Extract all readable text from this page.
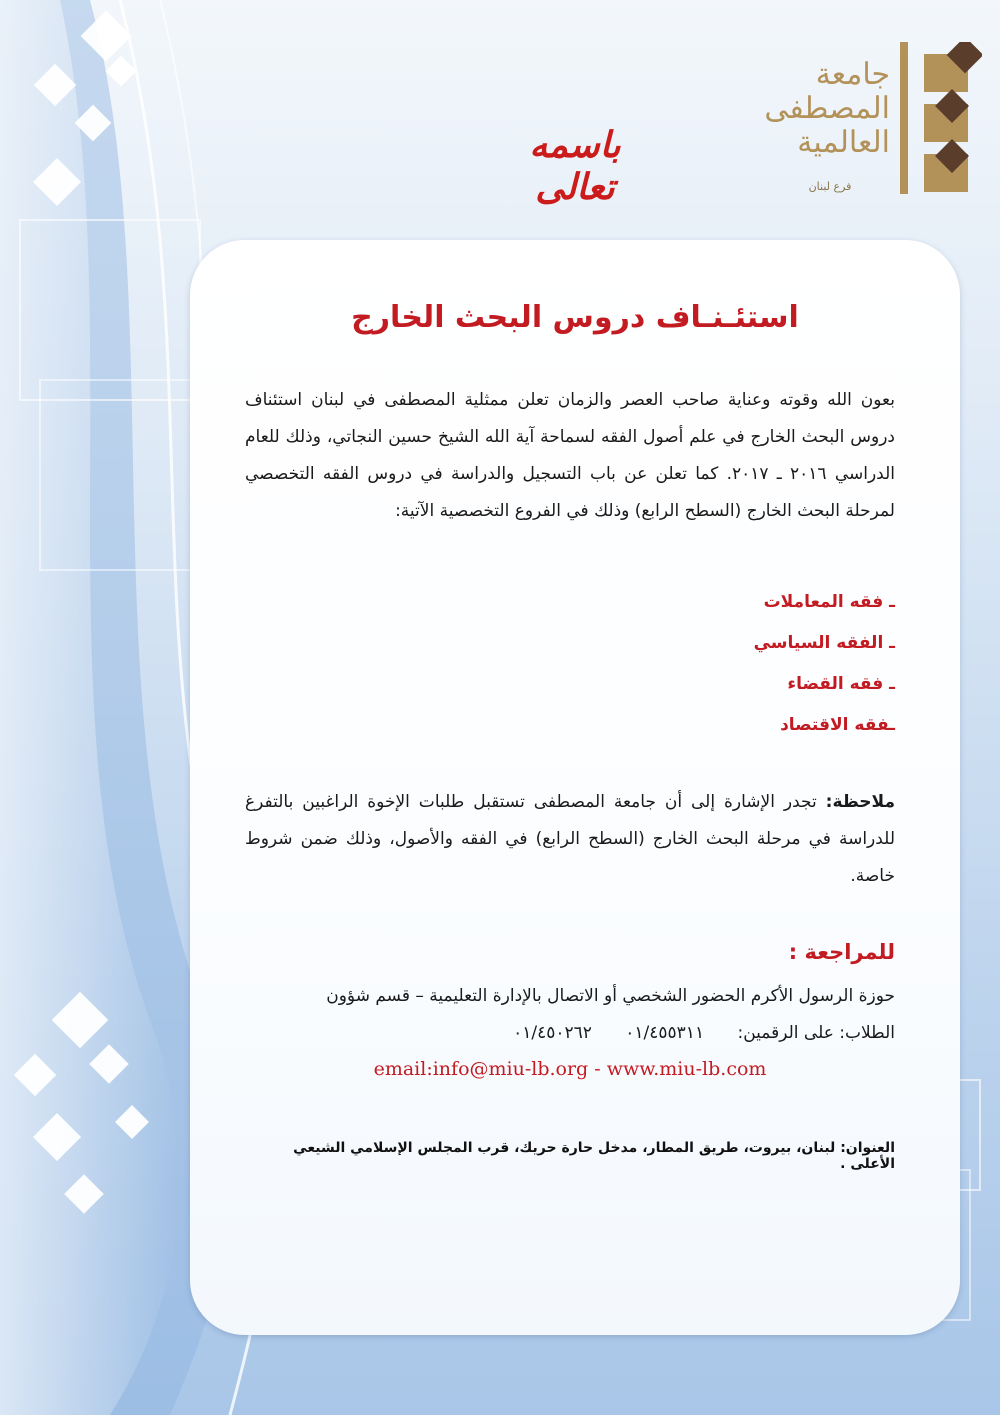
جامعة
المصطفى
العالمية
فرع لبنان
باسمه تعالى
استئـنـاف دروس البحث الخارج
بعون الله وقوته وعناية صاحب العصر والزمان تعلن ممثلية المصطفى في لبنان استئناف دروس البحث الخارج في علم أصول الفقه لسماحة آية الله الشيخ حسين النجاتي، وذلك للعام الدراسي ٢٠١٦ ـ ٢٠١٧. كما تعلن عن باب التسجيل والدراسة في دروس الفقه التخصصي لمرحلة البحث الخارج (السطح الرابع) وذلك في الفروع التخصصية الآتية:
ـ فقه المعاملات
ـ الفقه السياسي
ـ فقه القضاء
ـفقه الاقتصاد
ملاحظة: تجدر الإشارة إلى أن جامعة المصطفى تستقبل طلبات الإخوة الراغبين بالتفرغ للدراسة في مرحلة البحث الخارج (السطح الرابع) في الفقه والأصول، وذلك ضمن شروط خاصة.
للمراجعة :
حوزة الرسول الأكرم الحضور الشخصي أو الاتصال بالإدارة التعليمية – قسم شؤون
الطلاب: على الرقمين: ٠١/٤٥٥٣١١ ٠١/٤٥٠٢٦٢
email:info@miu-lb.org - www.miu-lb.com
العنوان: لبنان، بيروت، طريق المطار، مدخل حارة حريك، قرب المجلس الإسلامي الشيعي الأعلى .
